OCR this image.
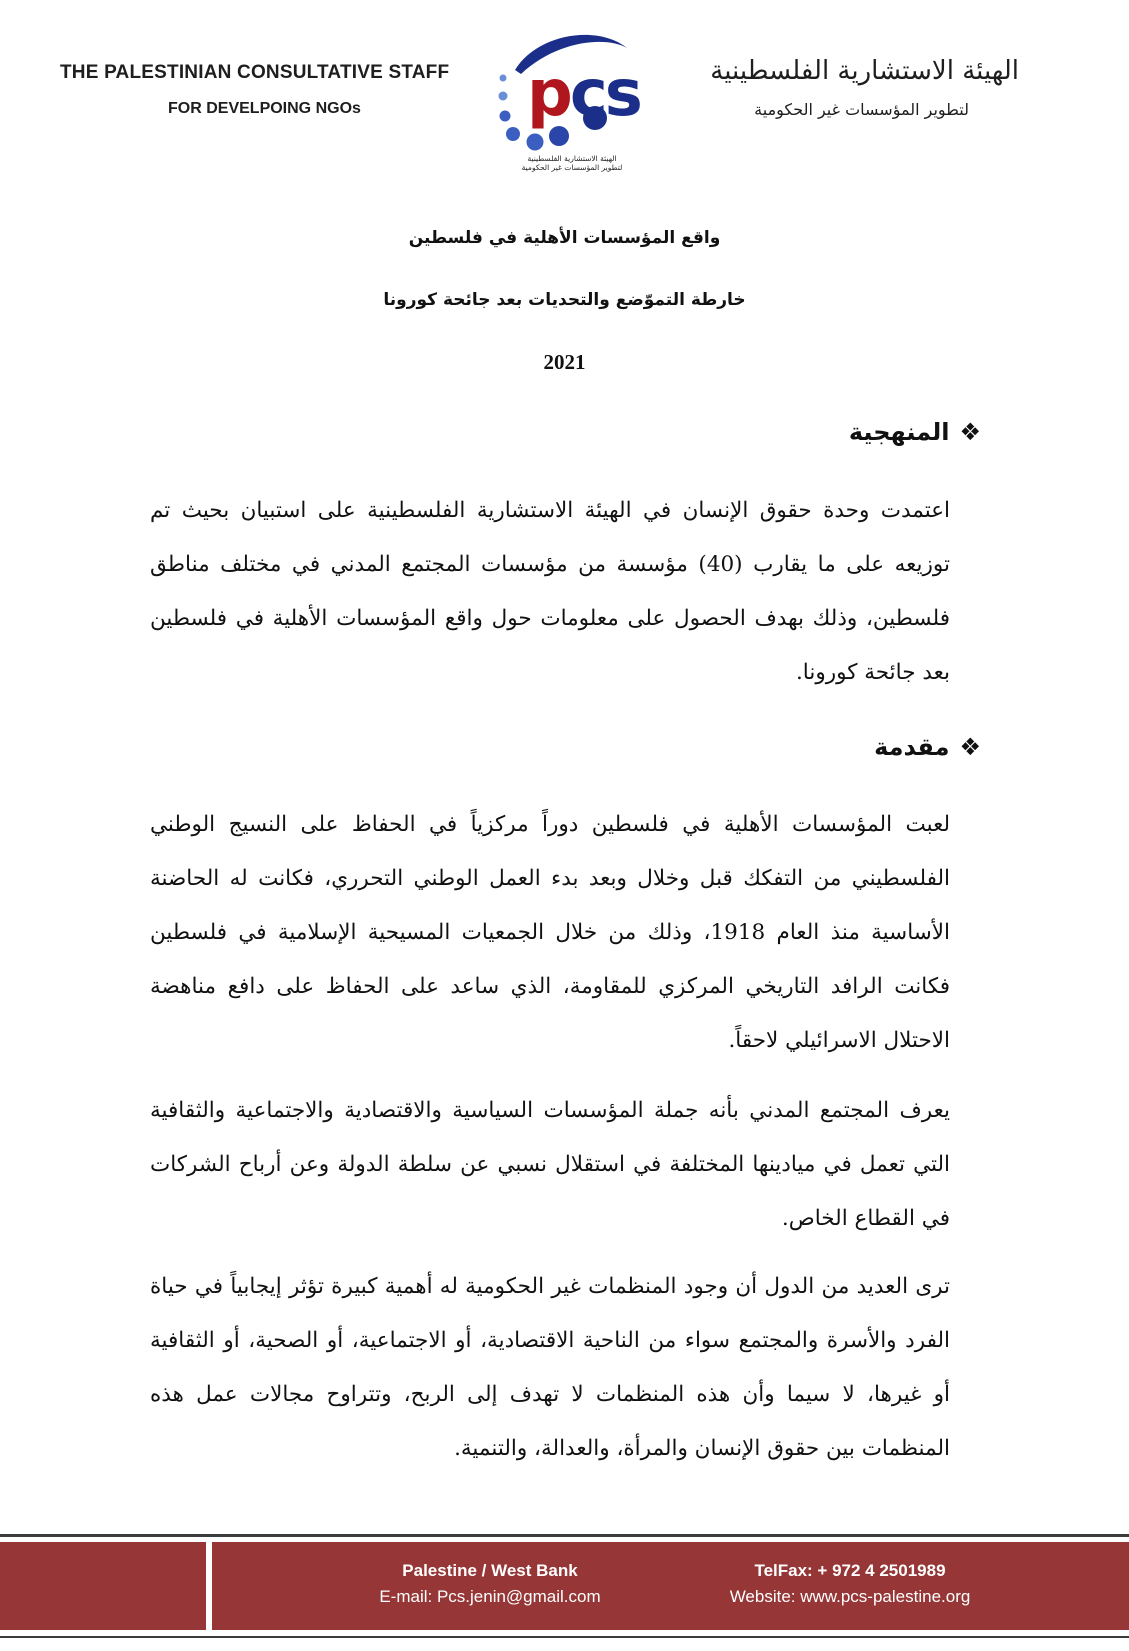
THE PALESTINIAN CONSULTATIVE STAFF
FOR DEVELPOING NGOs	pcs
الهيئة الاستشارية الفلسطينية
لتطوير المؤسسات غير الحكومية
الهيئة الاستشارية الفلسطينية
لتطوير المؤسسات غير الحكومية
واقع المؤسسات الأهلية في فلسطين
خارطة التموّضع والتحديات بعد جائحة كورونا
2021
❖المنهجية
اعتمدت وحدة حقوق الإنسان في الهيئة الاستشارية الفلسطينية على استبيان بحيث تم توزيعه على ما يقارب (40) مؤسسة من مؤسسات المجتمع المدني في مختلف مناطق فلسطين، وذلك بهدف الحصول على معلومات حول واقع المؤسسات الأهلية في فلسطين بعد جائحة كورونا.
❖مقدمة
لعبت المؤسسات الأهلية في فلسطين دوراً مركزياً في الحفاظ على النسيج الوطني الفلسطيني من التفكك قبل وخلال وبعد بدء العمل الوطني التحرري، فكانت له الحاضنة الأساسية منذ العام 1918، وذلك من خلال الجمعيات المسيحية الإسلامية في فلسطين فكانت الرافد التاريخي المركزي للمقاومة، الذي ساعد على الحفاظ على دافع مناهضة الاحتلال الاسرائيلي لاحقاً.
يعرف المجتمع المدني بأنه جملة المؤسسات السياسية والاقتصادية والاجتماعية والثقافية التي تعمل في ميادينها المختلفة في استقلال نسبي عن سلطة الدولة وعن أرباح الشركات في القطاع الخاص.
ترى العديد من الدول أن وجود المنظمات غير الحكومية له أهمية كبيرة تؤثر إيجابياً في حياة الفرد والأسرة والمجتمع سواء من الناحية الاقتصادية، أو الاجتماعية، أو الصحية، أو الثقافية أو غيرها، لا سيما وأن هذه المنظمات لا تهدف إلى الربح، وتتراوح مجالات عمل هذه المنظمات بين حقوق الإنسان والمرأة، والعدالة، والتنمية.
Palestine / West Bank
E-mail: Pcs.jenin@gmail.com
TelFax: + 972 4 2501989
Website: www.pcs-palestine.org
